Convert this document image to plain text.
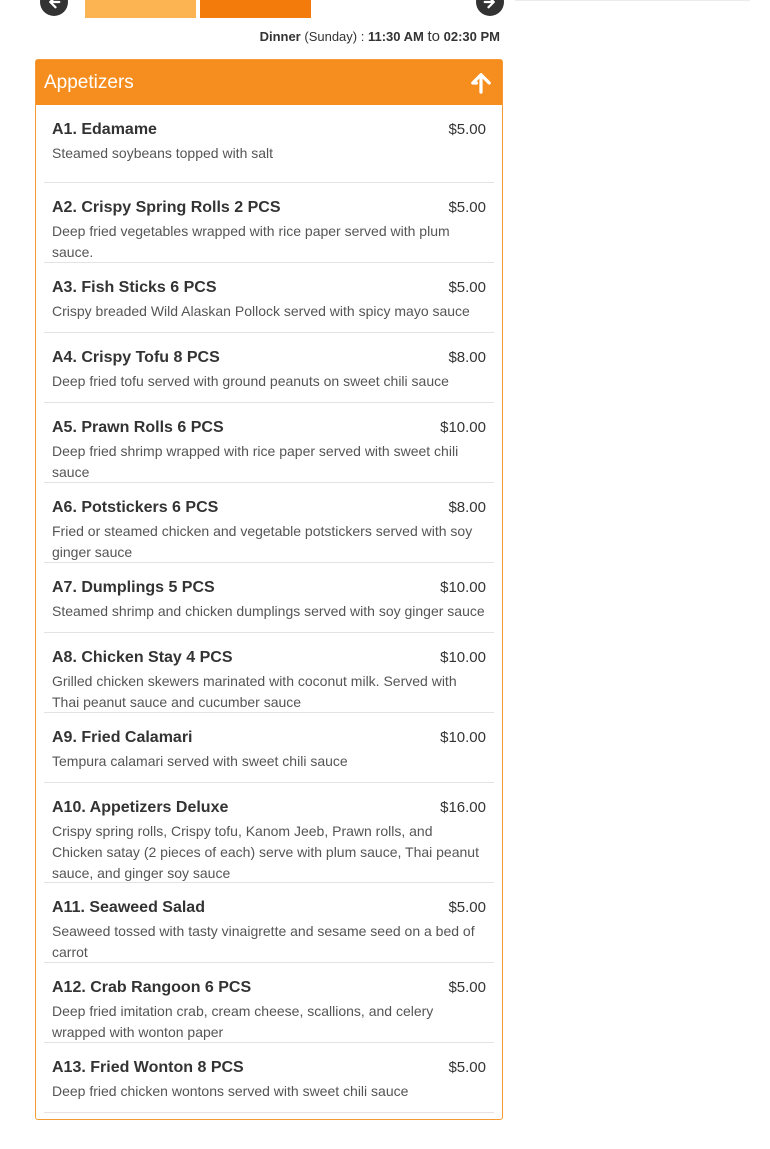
Dinner (Sunday) : 11:30 AM to 02:30 PM
Appetizers
A1. Edamame	$5.00
Steamed soybeans topped with salt
A2. Crispy Spring Rolls 2 PCS	$5.00
Deep fried vegetables wrapped with rice paper served with plum sauce.
A3. Fish Sticks 6 PCS	$5.00
Crispy breaded Wild Alaskan Pollock served with spicy mayo sauce
A4. Crispy Tofu 8 PCS	$8.00
Deep fried tofu served with ground peanuts on sweet chili sauce
A5. Prawn Rolls 6 PCS	$10.00
Deep fried shrimp wrapped with rice paper served with sweet chili sauce
A6. Potstickers 6 PCS	$8.00
Fried or steamed chicken and vegetable potstickers served with soy ginger sauce
A7. Dumplings 5 PCS	$10.00
Steamed shrimp and chicken dumplings served with soy ginger sauce
A8. Chicken Stay 4 PCS	$10.00
Grilled chicken skewers marinated with coconut milk. Served with Thai peanut sauce and cucumber sauce
A9. Fried Calamari	$10.00
Tempura calamari served with sweet chili sauce
A10. Appetizers Deluxe	$16.00
Crispy spring rolls, Crispy tofu, Kanom Jeeb, Prawn rolls, and Chicken satay (2 pieces of each) serve with plum sauce, Thai peanut sauce, and ginger soy sauce
A11. Seaweed Salad	$5.00
Seaweed tossed with tasty vinaigrette and sesame seed on a bed of carrot
A12. Crab Rangoon 6 PCS	$5.00
Deep fried imitation crab, cream cheese, scallions, and celery wrapped with wonton paper
A13. Fried Wonton 8 PCS	$5.00
Deep fried chicken wontons served with sweet chili sauce
